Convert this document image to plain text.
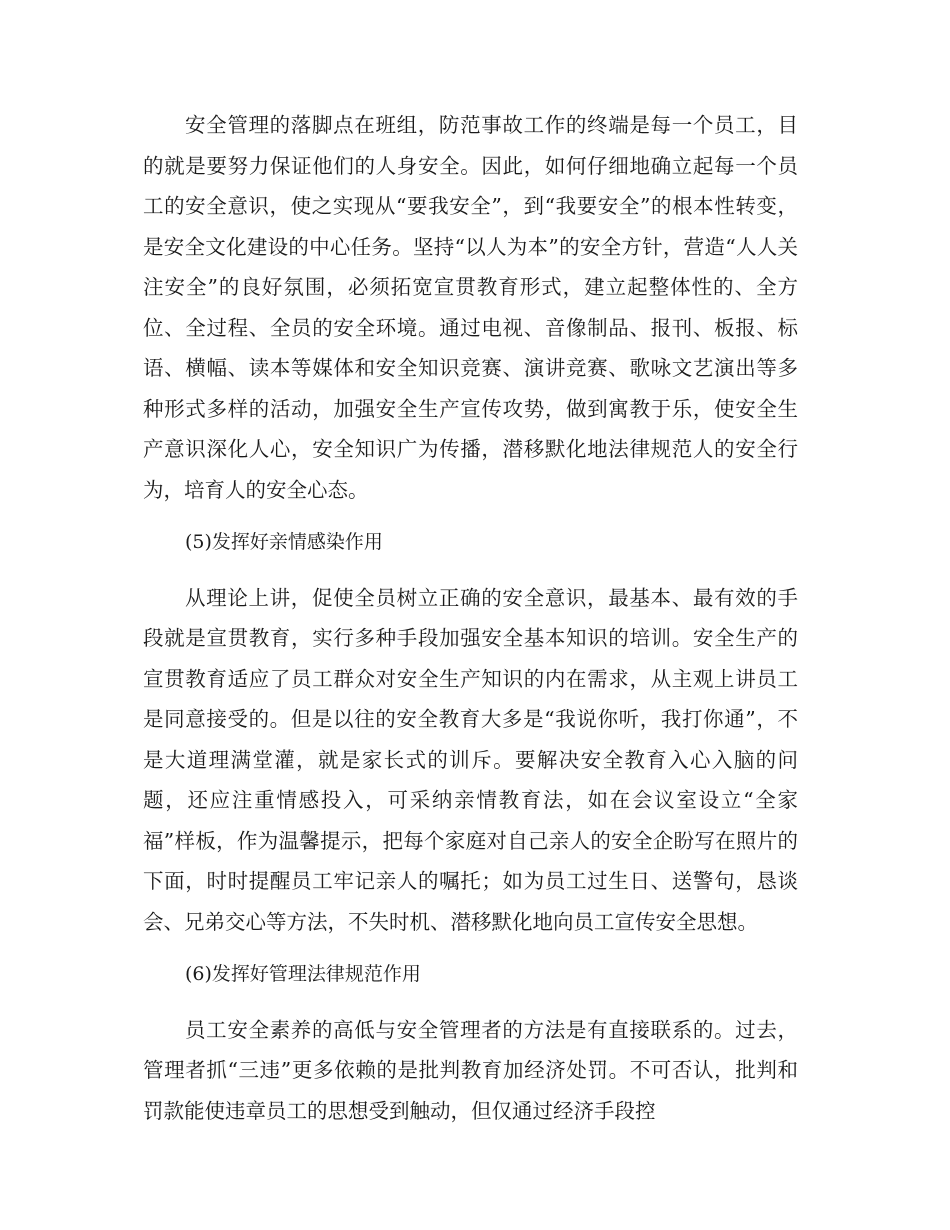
安全管理的落脚点在班组，防范事故工作的终端是每一个员工，目的就是要努力保证他们的人身安全。因此，如何仔细地确立起每一个员工的安全意识，使之实现从“要我安全”，到“我要安全”的根本性转变，是安全文化建设的中心任务。坚持“以人为本”的安全方针，营造“人人关注安全”的良好氛围，必须拓宽宣贯教育形式，建立起整体性的、全方位、全过程、全员的安全环境。通过电视、音像制品、报刊、板报、标语、横幅、读本等媒体和安全知识竞赛、演讲竞赛、歌咏文艺演出等多种形式多样的活动，加强安全生产宣传攻势，做到寓教于乐，使安全生产意识深化人心，安全知识广为传播，潜移默化地法律规范人的安全行为，培育人的安全心态。

(5)发挥好亲情感染作用

从理论上讲，促使全员树立正确的安全意识，最基本、最有效的手段就是宣贯教育，实行多种手段加强安全基本知识的培训。安全生产的宣贯教育适应了员工群众对安全生产知识的内在需求，从主观上讲员工是同意接受的。但是以往的安全教育大多是“我说你听，我打你通”，不是大道理满堂灌，就是家长式的训斥。要解决安全教育入心入脑的问题，还应注重情感投入，可采纳亲情教育法，如在会议室设立“全家福”样板，作为温馨提示，把每个家庭对自己亲人的安全企盼写在照片的下面，时时提醒员工牢记亲人的嘱托；如为员工过生日、送警句，恳谈会、兄弟交心等方法，不失时机、潜移默化地向员工宣传安全思想。

(6)发挥好管理法律规范作用

员工安全素养的高低与安全管理者的方法是有直接联系的。过去，管理者抓“三违”更多依赖的是批判教育加经济处罚。不可否认，批判和罚款能使违章员工的思想受到触动，但仅通过经济手段控
